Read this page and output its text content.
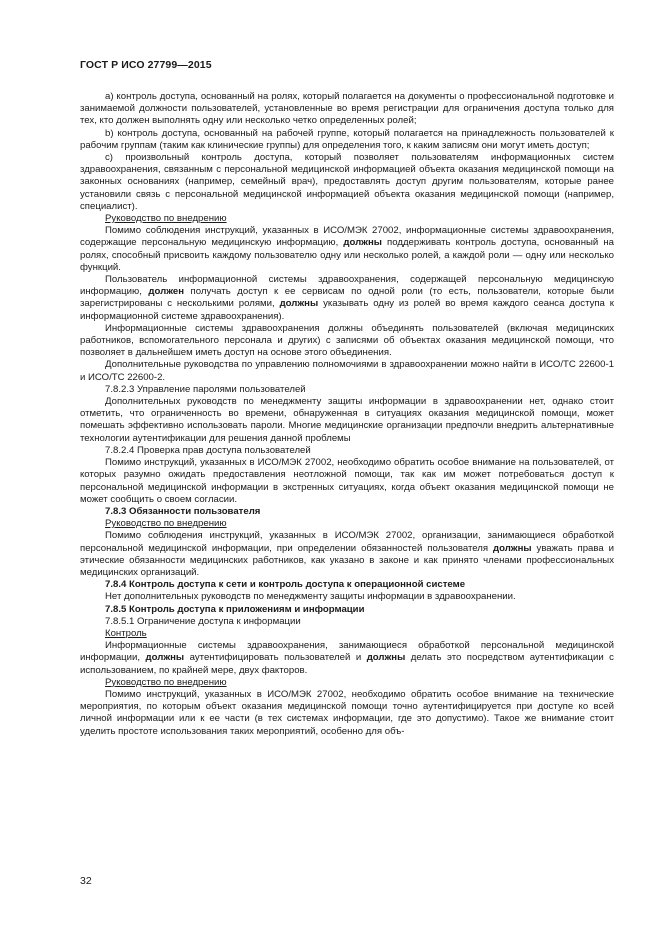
ГОСТ Р ИСО 27799—2015

a) контроль доступа, основанный на ролях, который полагается на документы о профессиональной подготовке и занимаемой должности пользователей, установленные во время регистрации для ограничения доступа только для тех, кто должен выполнять одну или несколько четко определенных ролей;

b) контроль доступа, основанный на рабочей группе, который полагается на принадлежность пользователей к рабочим группам (таким как клинические группы) для определения того, к каким записям они могут иметь доступ;

c) произвольный контроль доступа, который позволяет пользователям информационных систем здравоохранения, связанным с персональной медицинской информацией объекта оказания медицинской помощи на законных основаниях (например, семейный врач), предоставлять доступ другим пользователям, которые ранее установили связь с персональной медицинской информацией объекта оказания медицинской помощи (например, специалист).

Руководство по внедрению

Помимо соблюдения инструкций, указанных в ИСО/МЭК 27002, информационные системы здравоохранения, содержащие персональную медицинскую информацию, должны поддерживать контроль доступа, основанный на ролях, способный присвоить каждому пользователю одну или несколько ролей, а каждой роли — одну или несколько функций.

Пользователь информационной системы здравоохранения, содержащей персональную медицинскую информацию, должен получать доступ к ее сервисам по одной роли (то есть, пользователи, которые были зарегистрированы с несколькими ролями, должны указывать одну из ролей во время каждого сеанса доступа к информационной системе здравоохранения).

Информационные системы здравоохранения должны объединять пользователей (включая медицинских работников, вспомогательного персонала и других) с записями об объектах оказания медицинской помощи, что позволяет в дальнейшем иметь доступ на основе этого объединения.

Дополнительные руководства по управлению полномочиями в здравоохранении можно найти в ИСО/ТС 22600-1 и ИСО/ТС 22600-2.

7.8.2.3 Управление паролями пользователей

Дополнительных руководств по менеджменту защиты информации в здравоохранении нет, однако стоит отметить, что ограниченность во времени, обнаруженная в ситуациях оказания медицинской помощи, может помешать эффективно использовать пароли. Многие медицинские организации предпочли внедрить альтернативные технологии аутентификации для решения данной проблемы

7.8.2.4 Проверка прав доступа пользователей

Помимо инструкций, указанных в ИСО/МЭК 27002, необходимо обратить особое внимание на пользователей, от которых разумно ожидать предоставления неотложной помощи, так как им может потребоваться доступ к персональной медицинской информации в экстренных ситуациях, когда объект оказания медицинской помощи не может сообщить о своем согласии.

7.8.3 Обязанности пользователя

Руководство по внедрению

Помимо соблюдения инструкций, указанных в ИСО/МЭК 27002, организации, занимающиеся обработкой персональной медицинской информации, при определении обязанностей пользователя должны уважать права и этические обязанности медицинских работников, как указано в законе и как принято членами профессиональных медицинских организаций.

7.8.4 Контроль доступа к сети и контроль доступа к операционной системе

Нет дополнительных руководств по менеджменту защиты информации в здравоохранении.

7.8.5 Контроль доступа к приложениям и информации

7.8.5.1 Ограничение доступа к информации

Контроль

Информационные системы здравоохранения, занимающиеся обработкой персональной медицинской информации, должны аутентифицировать пользователей и должны делать это посредством аутентификации с использованием, по крайней мере, двух факторов.

Руководство по внедрению

Помимо инструкций, указанных в ИСО/МЭК 27002, необходимо обратить особое внимание на технические мероприятия, по которым объект оказания медицинской помощи точно аутентифицируется при доступе ко всей личной информации или к ее части (в тех системах информации, где это допустимо). Такое же внимание стоит уделить простоте использования таких мероприятий, особенно для объ-

32
